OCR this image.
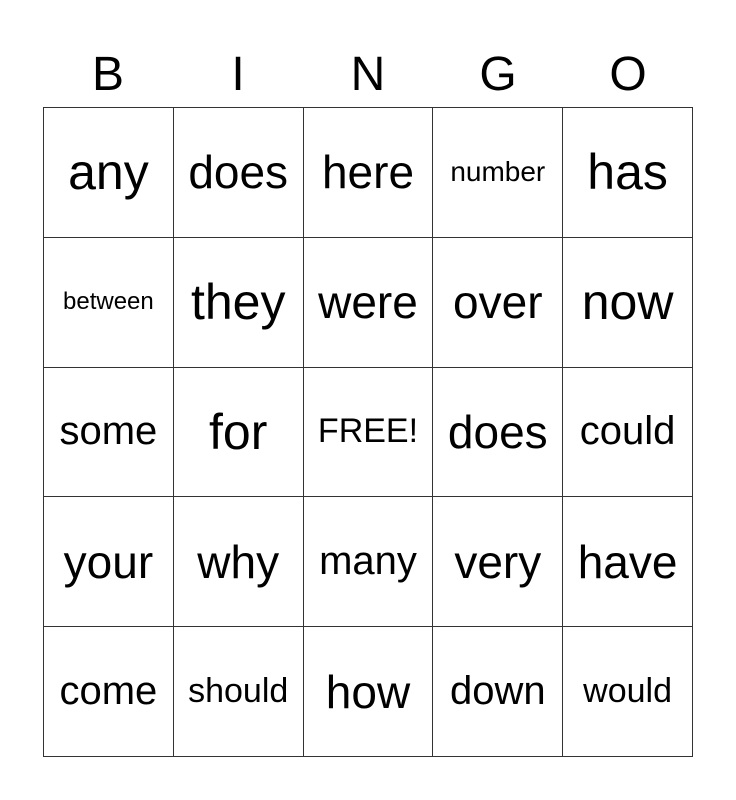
B	I	N	G	O
any does here	number has
between they were over now
some	for	FREE! does could
your why many very have
come should how down	would
